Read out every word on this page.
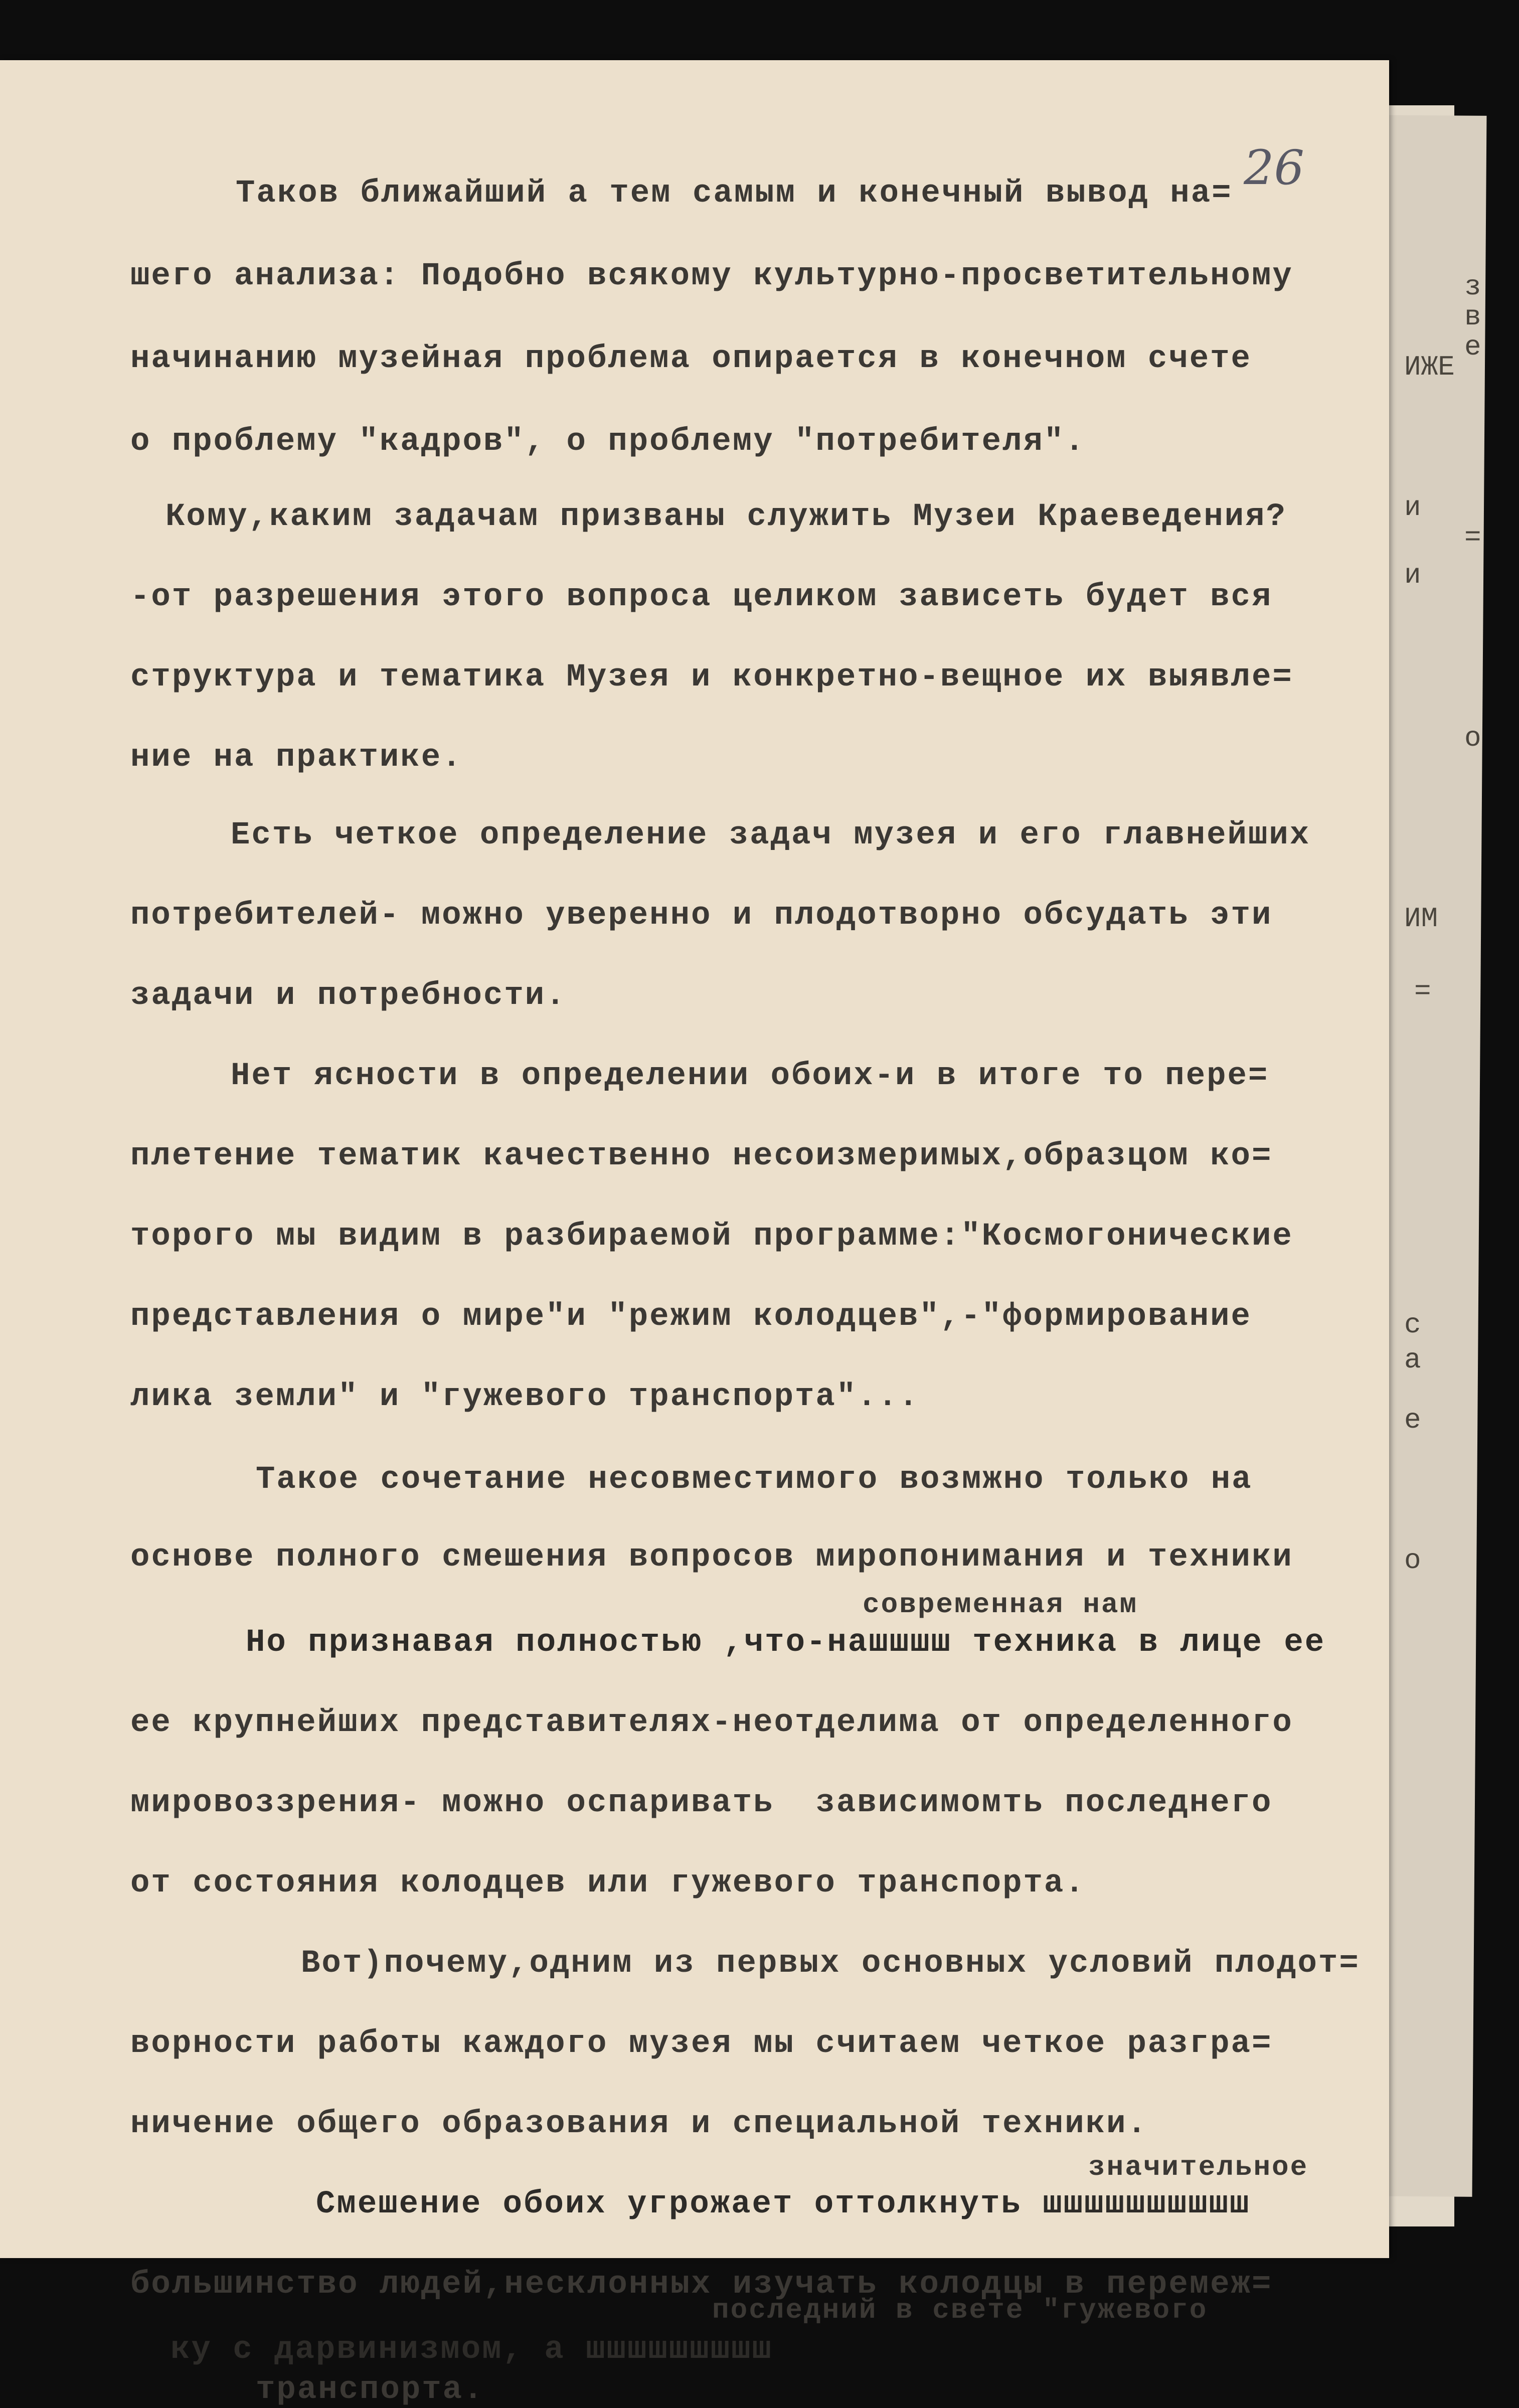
26
Таков ближайший а тем самым и конечный вывод на=
шего анализа: Подобно всякому культурно-просветительному
начинанию музейная проблема опирается в конечном счете
о проблему "кадров", о проблему "потребителя".
Кому,каким задачам призваны служить Музеи Краеведения?
-от разрешения этого вопроса целиком зависеть будет вся
структура и тематика Музея и конкретно-вещное их выявле=
ние на практике.
Есть четкое определение задач музея и его главнейших
потребителей- можно уверенно и плодотворно обсудать эти
задачи и потребности.
Нет ясности в определении обоих-и в итоге то пере=
плетение тематик качественно несоизмеримых,образцом ко=
торого мы видим в разбираемой программе:"Космогонические
представления о мире"и "режим колодцев",-"формирование
лика земли" и "гужевого транспорта"...
Такое сочетание несовместимого возмжно только на
основе полного смешения вопросов миропонимания и техники
современная нам
Но признавая полностью ,что-нашшшш техника в лице ее
ее крупнейших представителях-неотделима от определенного
мировоззрения- можно оспаривать  зависимомть последнего
от состояния колодцев или гужевого транспорта.
Вот)почему,одним из первых основных условий плодот=
ворности работы каждого музея мы считаем четкое разгра=
ничение общего образования и специальной техники.
значительное
Смешение обоих угрожает оттолкнуть шшшшшшшшшш
большинство людей,несклонных изучать колодцы в перемеж=
последний в свете "гужевого
ку с дарвинизмом, а шшшшшшшшш
транспорта.
з
в
е
ИЖЕ
и
и
=
о
ИМ
=
с
а
е
о
